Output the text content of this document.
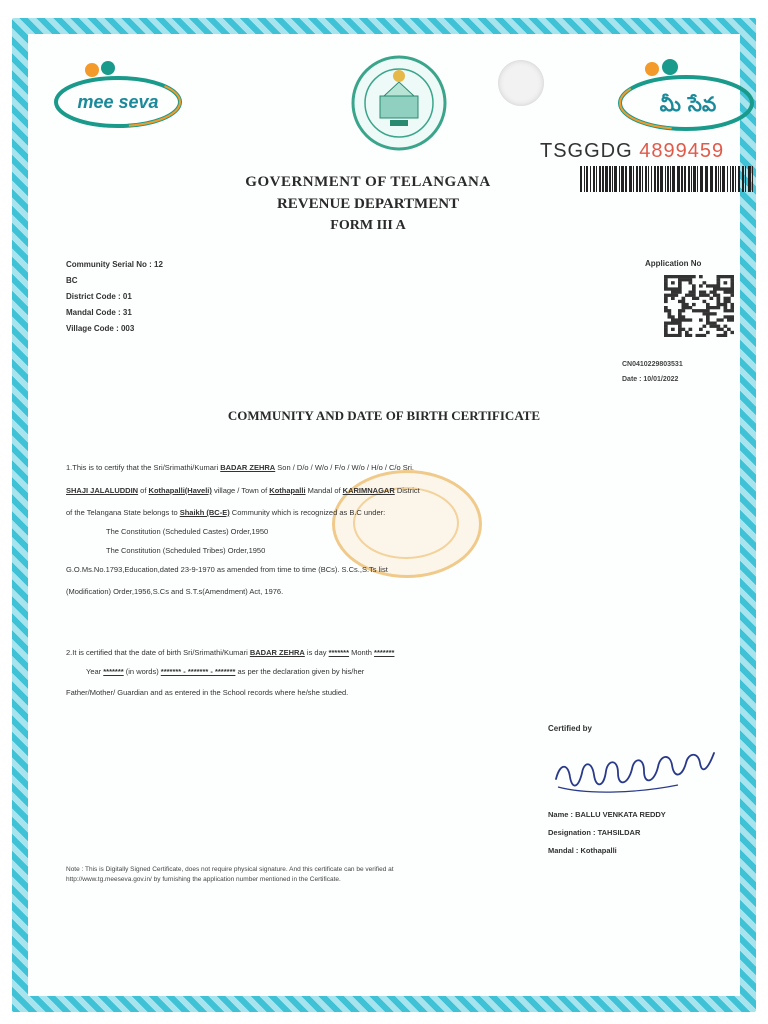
mee seva	మీ సేవ
TSGGDG 4899459
GOVERNMENT OF TELANGANA
REVENUE DEPARTMENT
FORM III A
Community Serial No : 12
BC
District Code : 01
Mandal Code : 31
Village Code : 003
Application No
CN0410229803531
Date : 10/01/2022
COMMUNITY AND DATE OF BIRTH CERTIFICATE
1.This is to certify that the Sri/Srimathi/Kumari BADAR ZEHRA Son / D/o / W/o / F/o / W/o / H/o / C/o Sri.
SHAJI JALALUDDIN of Kothapalli(Haveli) village / Town of Kothapalli Mandal of KARIMNAGAR District
of the Telangana State belongs to Shaikh (BC-E) Community which is recognized as B.C under:
The Constitution (Scheduled Castes) Order,1950
The Constitution (Scheduled Tribes) Order,1950
G.O.Ms.No.1793,Education,dated 23-9-1970 as amended from time to time (BCs). S.Cs.,S.Ts list
(Modification) Order,1956,S.Cs and S.T.s(Amendment) Act, 1976.
2.It is certified that the date of birth Sri/Srimathi/Kumari BADAR ZEHRA is day ******* Month *******
Year ******* (in words) ******* - ******* - ******* as per the declaration given by his/her
Father/Mother/ Guardian and as entered in the School records where he/she studied.
Certified by
Name : BALLU VENKATA REDDY
Designation : TAHSILDAR
Mandal : Kothapalli
Note : This is Digitally Signed Certificate, does not require physical signature. And this certificate can be verified at
http://www.tg.meeseva.gov.in/ by furnishing the application number mentioned in the Certificate.
